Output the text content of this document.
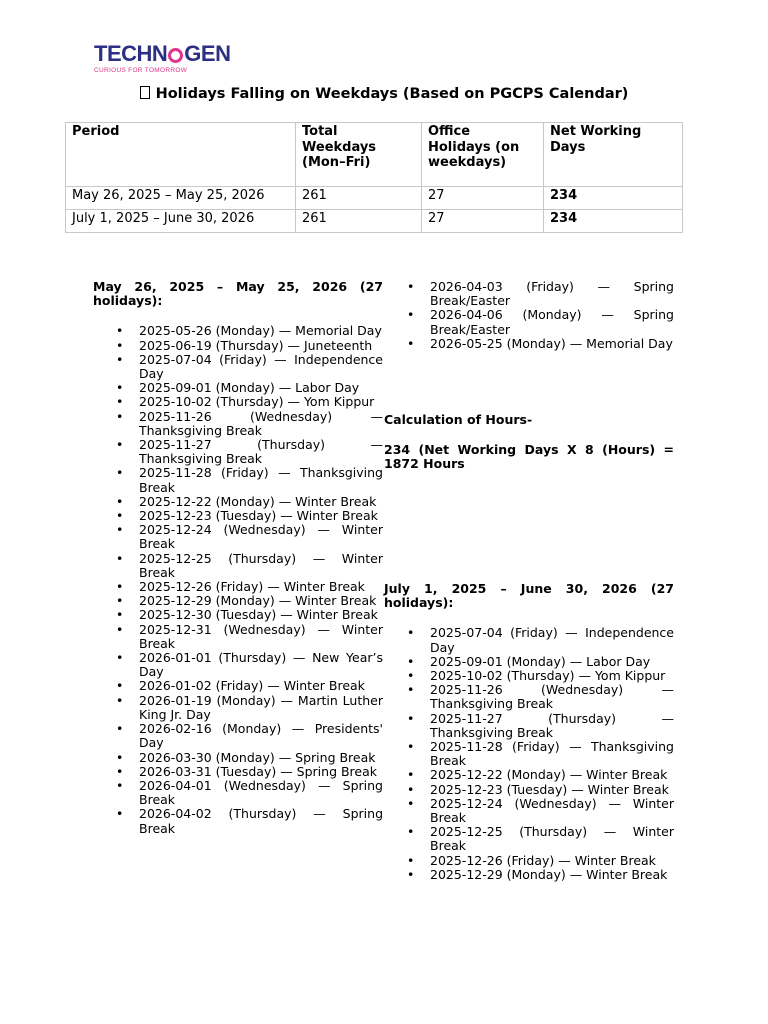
TECHN GEN
CURIOUS FOR TOMORROW
Holidays Falling on Weekdays (Based on PGCPS Calendar)
Period	Total Weekdays (Mon–Fri)	Office Holidays (on weekdays)	Net Working Days
May 26, 2025 – May 25, 2026	261	27	234
July 1, 2025 – June 30, 2026	261	27	234
May 26, 2025 – May 25, 2026 (27 holidays):
• 2025-05-26 (Monday) — Memorial Day
• 2025-06-19 (Thursday) — Juneteenth
• 2025-07-04 (Friday) — Independence Day
• 2025-09-01 (Monday) — Labor Day
• 2025-10-02 (Thursday) — Yom Kippur
• 2025-11-26 (Wednesday) — Thanksgiving Break
• 2025-11-27 (Thursday) — Thanksgiving Break
• 2025-11-28 (Friday) — Thanksgiving Break
• 2025-12-22 (Monday) — Winter Break
• 2025-12-23 (Tuesday) — Winter Break
• 2025-12-24 (Wednesday) — Winter Break
• 2025-12-25 (Thursday) — Winter Break
• 2025-12-26 (Friday) — Winter Break
• 2025-12-29 (Monday) — Winter Break
• 2025-12-30 (Tuesday) — Winter Break
• 2025-12-31 (Wednesday) — Winter Break
• 2026-01-01 (Thursday) — New Year’s Day
• 2026-01-02 (Friday) — Winter Break
• 2026-01-19 (Monday) — Martin Luther King Jr. Day
• 2026-02-16 (Monday) — Presidents' Day
• 2026-03-30 (Monday) — Spring Break
• 2026-03-31 (Tuesday) — Spring Break
• 2026-04-01 (Wednesday) — Spring Break
• 2026-04-02 (Thursday) — Spring Break
• 2026-04-03 (Friday) — Spring Break/Easter
• 2026-04-06 (Monday) — Spring Break/Easter
• 2026-05-25 (Monday) — Memorial Day
Calculation of Hours-
234 (Net Working Days X 8 (Hours) = 1872 Hours
July 1, 2025 – June 30, 2026 (27 holidays):
• 2025-07-04 (Friday) — Independence Day
• 2025-09-01 (Monday) — Labor Day
• 2025-10-02 (Thursday) — Yom Kippur
• 2025-11-26 (Wednesday) — Thanksgiving Break
• 2025-11-27 (Thursday) — Thanksgiving Break
• 2025-11-28 (Friday) — Thanksgiving Break
• 2025-12-22 (Monday) — Winter Break
• 2025-12-23 (Tuesday) — Winter Break
• 2025-12-24 (Wednesday) — Winter Break
• 2025-12-25 (Thursday) — Winter Break
• 2025-12-26 (Friday) — Winter Break
• 2025-12-29 (Monday) — Winter Break
